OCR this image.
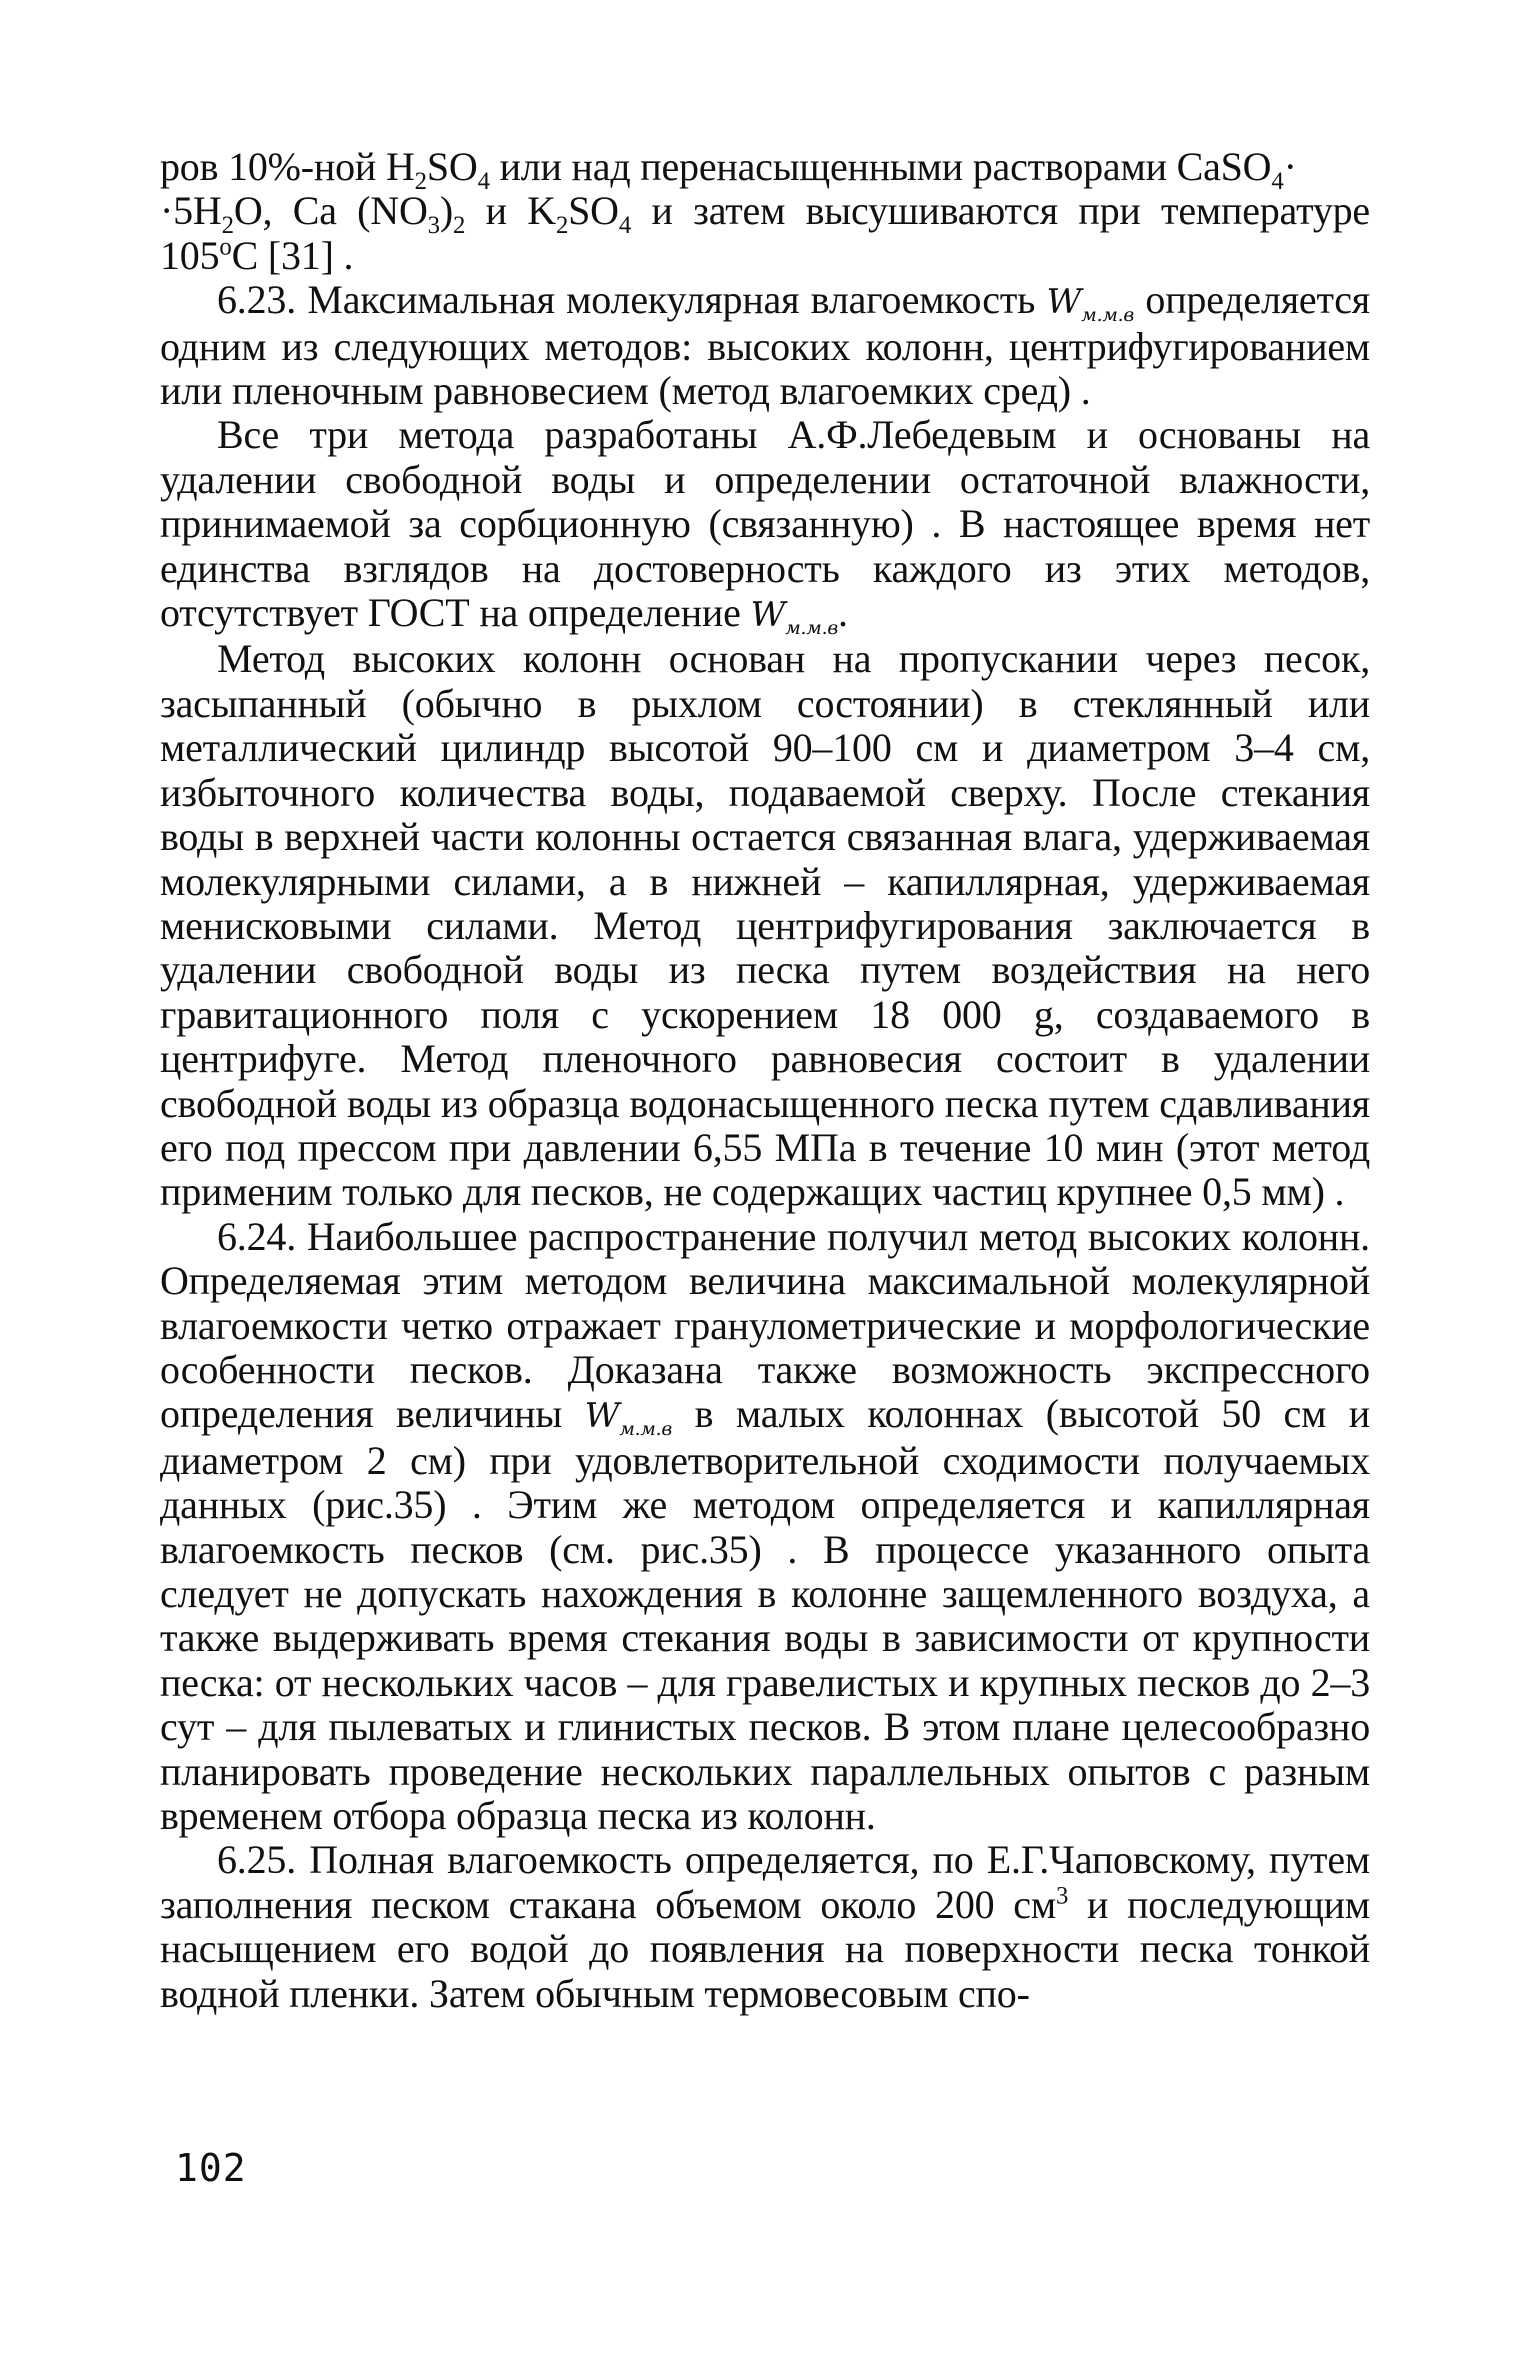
ров 10%-ной $H_2SO_4$ или над перенасыщенными растворами CaSO$_4$·
$\cdot 5H_2O$, Ca $(NO_3)_2$ и $K_2SO_4$ и затем высушиваются при температуре 105$^o$C [31] .

6.23. Максимальная молекулярная влагоемкость $W_{м.м.в}$ определяется одним из следующих методов: высоких колонн, центрифугированием или пленочным равновесием (метод влагоемких сред) .

Все три метода разработаны А.Ф.Лебедевым и основаны на удалении свободной воды и определении остаточной влажности, принимаемой за сорбционную (связанную) . В настоящее время нет единства взглядов на достоверность каждого из этих методов, отсутствует ГОСТ на определение $W_{м.м.в}$.

Метод высоких колонн основан на пропускании через песок, засыпанный (обычно в рыхлом состоянии) в стеклянный или металлический цилиндр высотой 90–100 см и диаметром 3–4 см, избыточного количества воды, подаваемой сверху. После стекания воды в верхней части колонны остается связанная влага, удерживаемая молекулярными силами, а в нижней – капиллярная, удерживаемая менисковыми силами. Метод центрифугирования заключается в удалении свободной воды из песка путем воздействия на него гравитационного поля с ускорением 18 000 g, создаваемого в центрифуге. Метод пленочного равновесия состоит в удалении свободной воды из образца водонасыщенного песка путем сдавливания его под прессом при давлении 6,55 МПа в течение 10 мин (этот метод применим только для песков, не содержащих частиц крупнее 0,5 мм) .

6.24. Наибольшее распространение получил метод высоких колонн. Определяемая этим методом величина максимальной молекулярной влагоемкости четко отражает гранулометрические и морфологические особенности песков. Доказана также возможность экспрессного определения величины $W_{м.м.в}$ в малых колоннах (высотой 50 см и диаметром 2 см) при удовлетворительной сходимости получаемых данных (рис.35) . Этим же методом определяется и капиллярная влагоемкость песков (см. рис.35) . В процессе указанного опыта следует не допускать нахождения в колонне защемленного воздуха, а также выдерживать время стекания воды в зависимости от крупности песка: от нескольких часов – для гравелистых и крупных песков до 2–3 сут – для пылеватых и глинистых песков. В этом плане целесообразно планировать проведение нескольких параллельных опытов с разным временем отбора образца песка из колонн.

6.25. Полная влагоемкость определяется, по Е.Г.Чаповскому, путем заполнения песком стакана объемом около 200 $см^3$ и последующим насыщением его водой до появления на поверхности песка тонкой водной пленки. Затем обычным термовесовым спо-

102
